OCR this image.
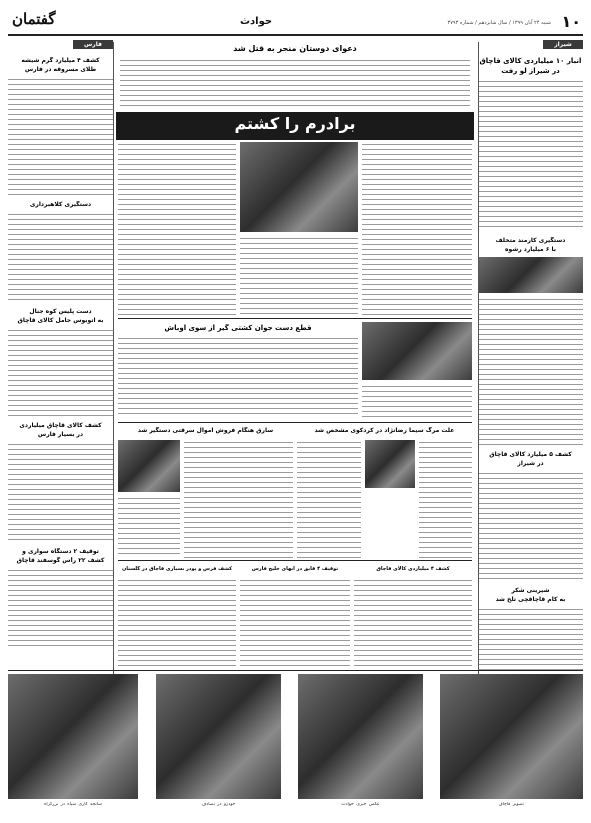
۱۰
شنبه ۲۴ آبان ۱۳۹۹ / سال شانزدهم / شماره ۳۷۹۳
حوادث
گفتمان
شیراز
انبار ۱۰ میلیاردی کالای قاچاق
در شیراز لو رفت
دستگیری کارمند متخلف
با ۶ میلیارد رشوه
کشف ۵ میلیارد کالای قاچاق
در شیراز
شیرینی شکر
به کام قاچاقچی تلخ شد
فارس
کشف ۴ میلیارد گرم شیشه
طلای مسروقه در فارس
دستگیری کلاهبرداری
دست پلیس کوه جنال
به اتوبوس حامل کالای قاچاق
کشف کالای قاچاق میلیاردی
در بسیار فارس
توقیف ۲ دستگاه سواری و
کشف ۲۲ رأس گوسفند قاچاق
دعوای دوستان منجر به قتل شد
برادرم را کشتم
قطع دست جوان کشتی گیر از سوی اوباش
سارق هنگام فروش اموال سرقتی دستگیر شد	علت مرگ سیما رضانژاد در کردکوی مشخص شد
کشف فرس و پودر بسیاری قاچاق در گلستان	توقیف ۴ قایق در آبهای خلیج فارس	کشف ۴ میلیاردی کالای قاچاق
سانحه کاری سپاه در بزرگراه	خودرو در تصادف	عکس خبری حوادث	تصویر قاچاق
